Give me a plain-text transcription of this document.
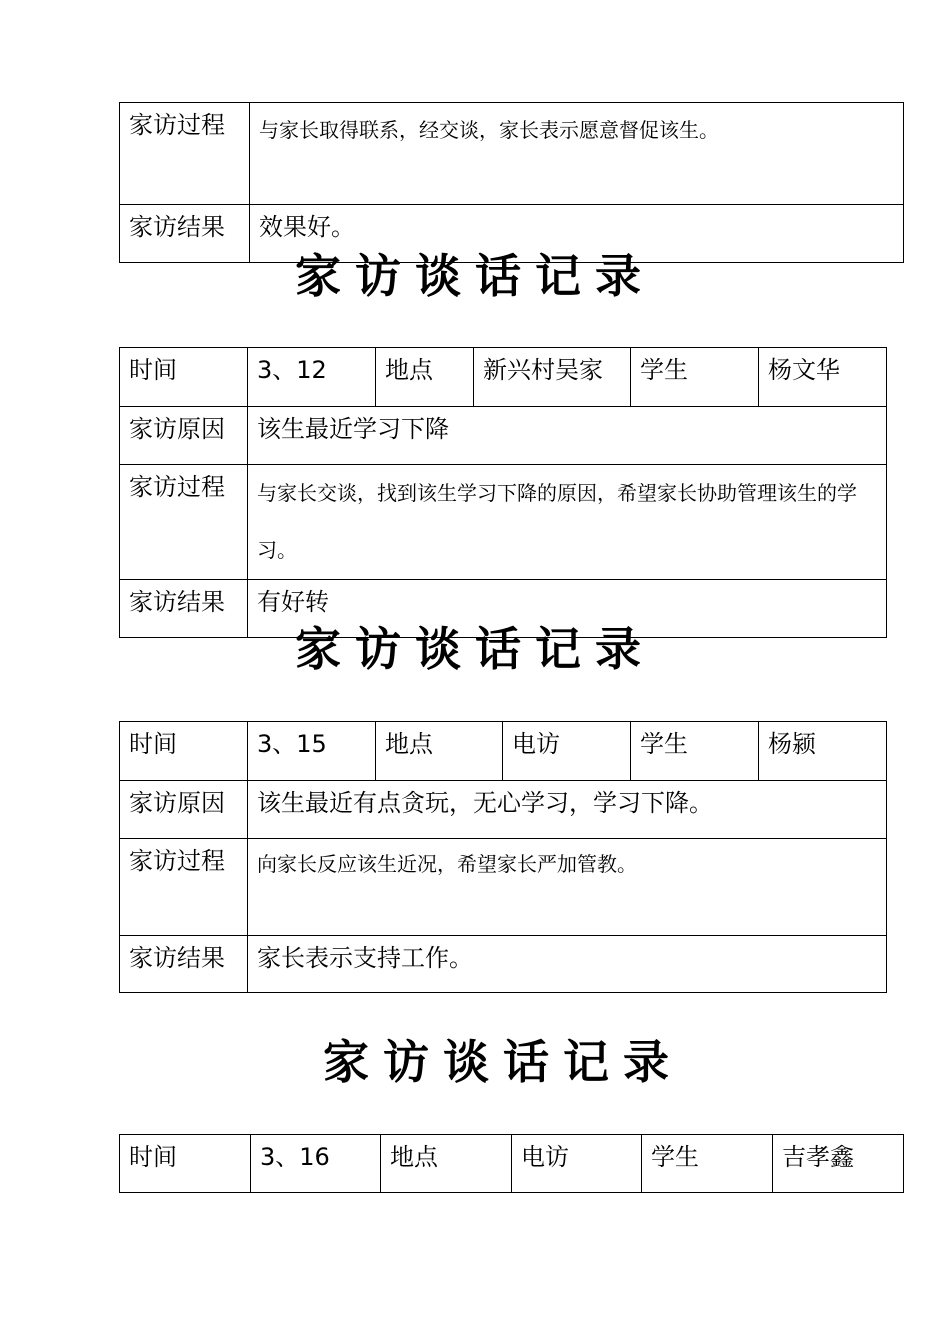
家访过程	与家长取得联系，经交谈，家长表示愿意督促该生。
家访结果	效果好。
家访谈话记录
时间	3、12	地点	新兴村吴家	学生	杨文华
家访原因	该生最近学习下降				
家访过程	与家长交谈，找到该生学习下降的原因，希望家长协助管理该生的学习。				
家访结果	有好转				
家访谈话记录
时间	3、15	地点	电访	学生	杨颍
家访原因	该生最近有点贪玩，无心学习，学习下降。				
家访过程	向家长反应该生近况，希望家长严加管教。				
家访结果	家长表示支持工作。				
家访谈话记录
时间	3、16	地点	电访	学生	吉孝鑫
